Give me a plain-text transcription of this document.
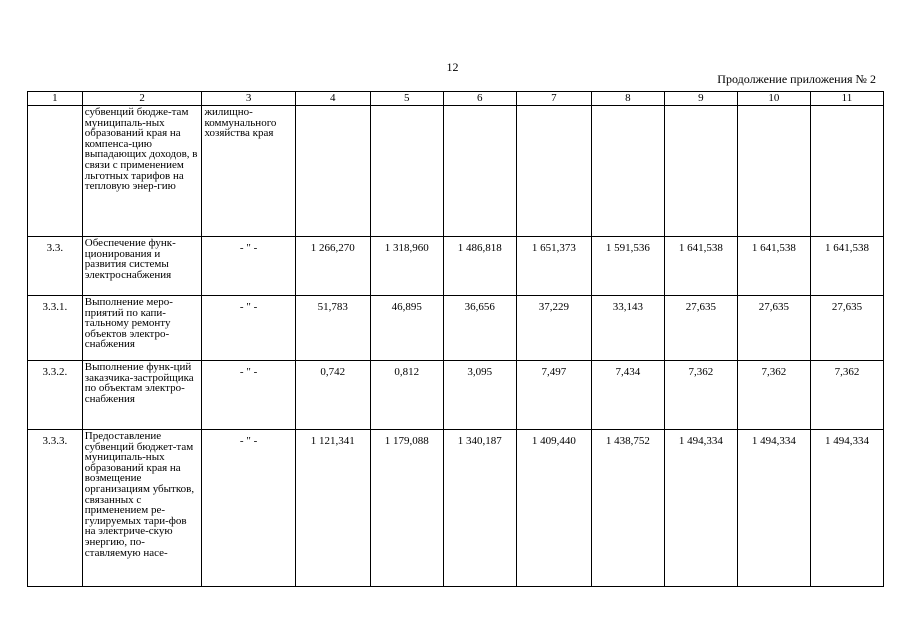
12
Продолжение приложения № 2
1	2	3	4	5	6	7	8	9	10	11
	субвенций бюдже-там муниципаль-ных образований края на компенса-цию выпадающих доходов, в связи с применением льготных тарифов на тепловую энер-гию	жилищно-коммунального хозяйства края								
3.3.	Обеспечение функ-ционирования и развития системы электроснабжения	- " -	1 266,270	1 318,960	1 486,818	1 651,373	1 591,536	1 641,538	1 641,538	1 641,538
3.3.1.	Выполнение меро-приятий по капи-тальному ремонту объектов электро-снабжения	- " -	51,783	46,895	36,656	37,229	33,143	27,635	27,635	27,635
3.3.2.	Выполнение функ-ций заказчика-застройщика по объектам электро-снабжения	- " -	0,742	0,812	3,095	7,497	7,434	7,362	7,362	7,362
3.3.3.	Предоставление субвенций бюджет-там муниципаль-ных образований края на возмещение организациям убытков, связанных с применением ре-гулируемых тари-фов на электриче-скую энергию, по-ставляемую насе-	- " -	1 121,341	1 179,088	1 340,187	1 409,440	1 438,752	1 494,334	1 494,334	1 494,334
